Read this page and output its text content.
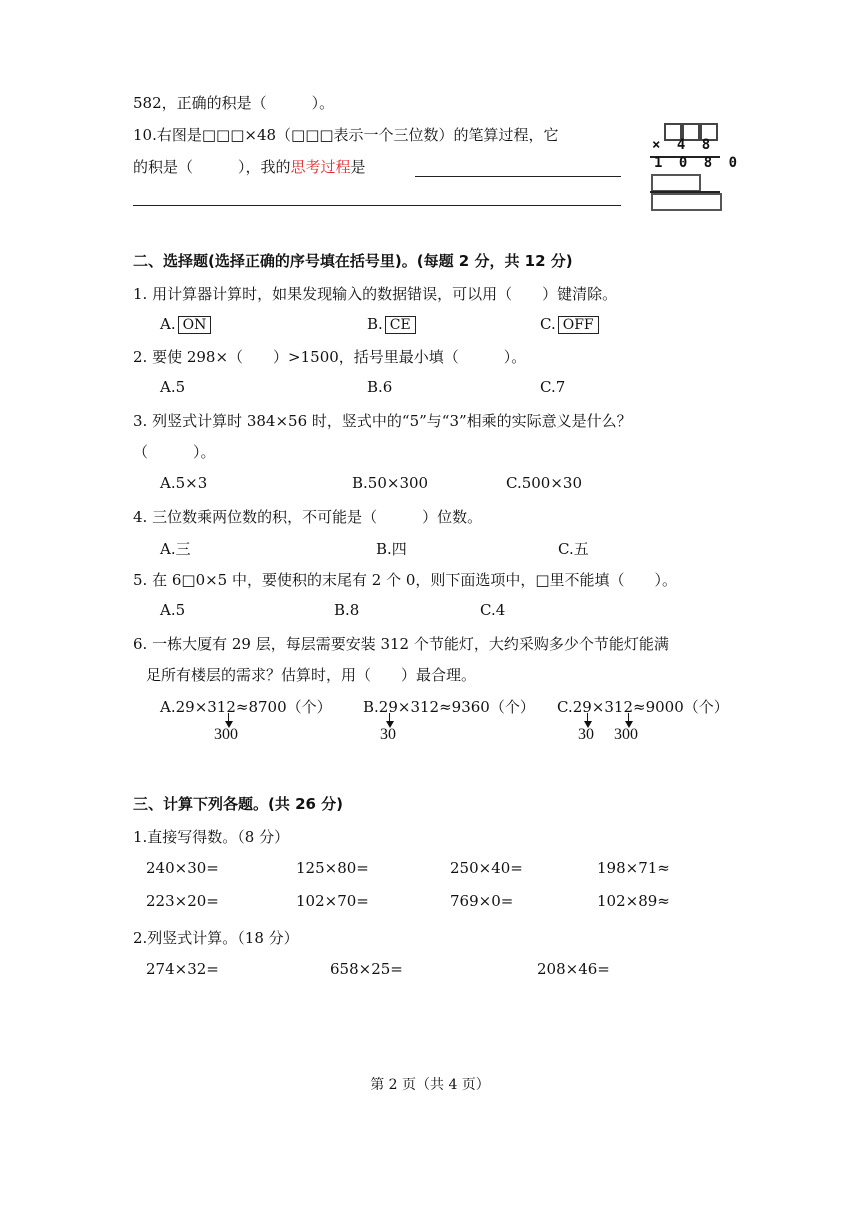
582，正确的积是（　　　）。
10.右图是□□□×48（□□□表示一个三位数）的笔算过程，它
的积是（　　　），我的思考过程是
× 4 8
1 0 8 0
二、选择题(选择正确的序号填在括号里)。(每题 2 分，共 12 分)
1. 用计算器计算时，如果发现输入的数据错误，可以用（　　）键清除。
A. ON	B. CE	C. OFF
2. 要使 298×（　　）>1500，括号里最小填（　　　）。
A.5	B.6	C.7
3. 列竖式计算时 384×56 时，竖式中的“5”与“3”相乘的实际意义是什么？
（　　　）。
A.5×3	B.50×300	C.500×30
4. 三位数乘两位数的积，不可能是（　　　）位数。
A.三	B.四	C.五
5. 在 6□0×5 中，要使积的末尾有 2 个 0，则下面选项中，□里不能填（　　）。
A.5	B.8	C.4
6. 一栋大厦有 29 层，每层需要安装 312 个节能灯，大约采购多少个节能灯能满
足所有楼层的需求？估算时，用（　　）最合理。
A.29×312≈8700（个） B.29×312≈9360（个） C.29×312≈9000（个）
300	30	30 300
三、计算下列各题。(共 26 分)
1.直接写得数。（8 分）
240×30=	125×80=	250×40=	198×71≈
223×20=	102×70=	769×0=	102×89≈
2.列竖式计算。（18 分）
274×32=	658×25=	208×46=
第 2 页（共 4 页）
